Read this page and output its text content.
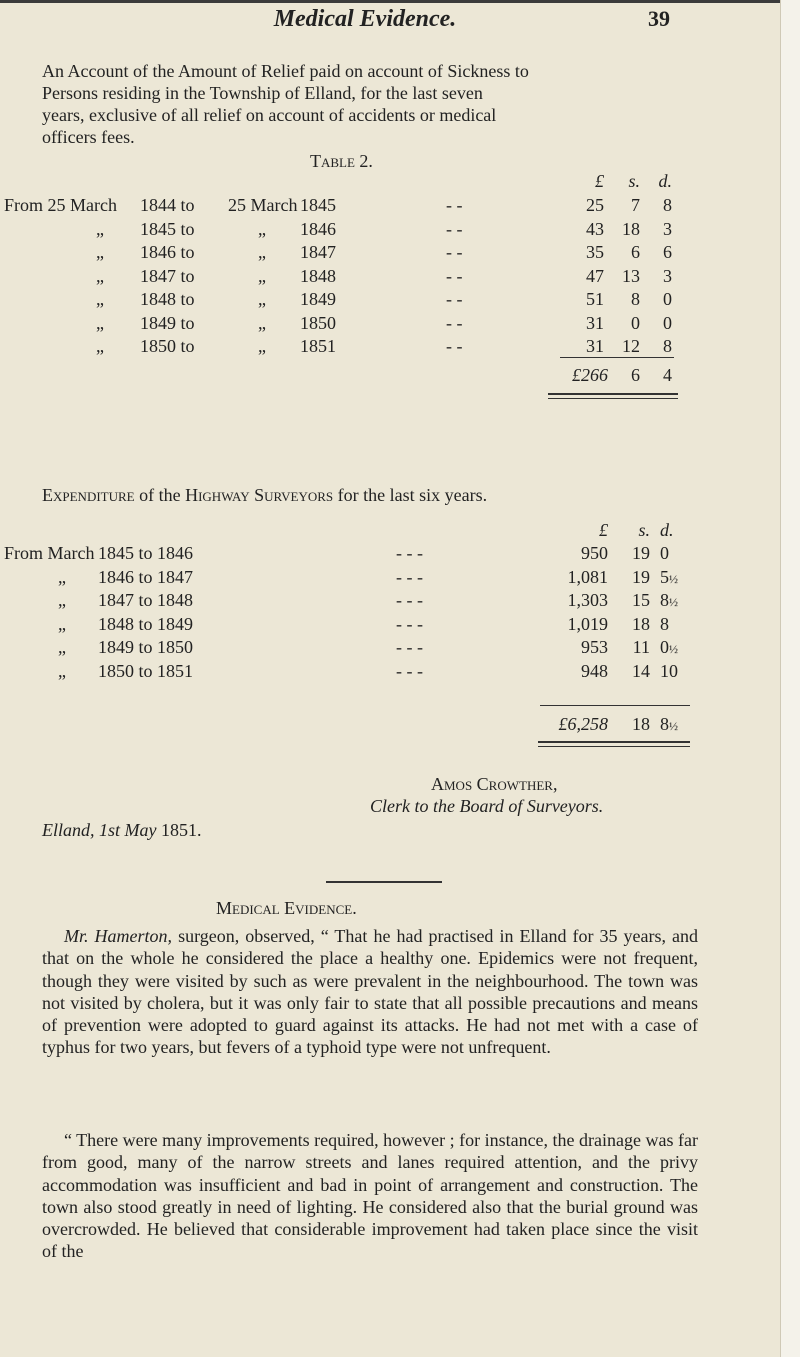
Medical Evidence.	39
An Account of the Amount of Relief paid on account of Sickness to
Persons residing in the Township of Elland, for the last seven
years, exclusive of all relief on account of accidents or medical
officers fees.
Table 2.
£	s.	d.
From 25 March 1844 to 25 March 1845	- -	25	7	8
„	1845 to	„	1846	- -	43	18	3
„	1846 to	„	1847	- -	35	6	6
„	1847 to	„	1848	- -	47	13	3
„	1848 to	„	1849	- -	51	8	0
„	1849 to	„	1850	- -	31	0	0
„	1850 to	„	1851	- -	31	12	8
£266	6	4
Expenditure of the Highway Surveyors for the last six years.
£	s. d.
From March 1845 to 1846	- - -	950	19 0
„	1846 to 1847	- - -	1,081	19 5½
„	1847 to 1848	- - -	1,303	15 8½
„	1848 to 1849	- - -	1,019	18 8
„	1849 to 1850	- - -	953	11 0½
„	1850 to 1851	- - -	948	14 10
£6,258	18 8½
Amos Crowther,
Clerk to the Board of Surveyors.
Elland, 1st May 1851.
Medical Evidence.
Mr. Hamerton, surgeon, observed, “ That he had practised in Elland for 35 years, and that on the whole he considered the place a healthy one. Epidemics were not frequent, though they were visited by such as were prevalent in the neighbourhood. The town was not visited by cholera, but it was only fair to state that all possible precautions and means of prevention were adopted to guard against its attacks. He had not met with a case of typhus for two years, but fevers of a typhoid type were not unfrequent.
“ There were many improvements required, however ; for instance, the drainage was far from good, many of the narrow streets and lanes required attention, and the privy accommodation was insufficient and bad in point of arrangement and construction. The town also stood greatly in need of lighting. He considered also that the burial ground was overcrowded. He believed that considerable improvement had taken place since the visit of the
